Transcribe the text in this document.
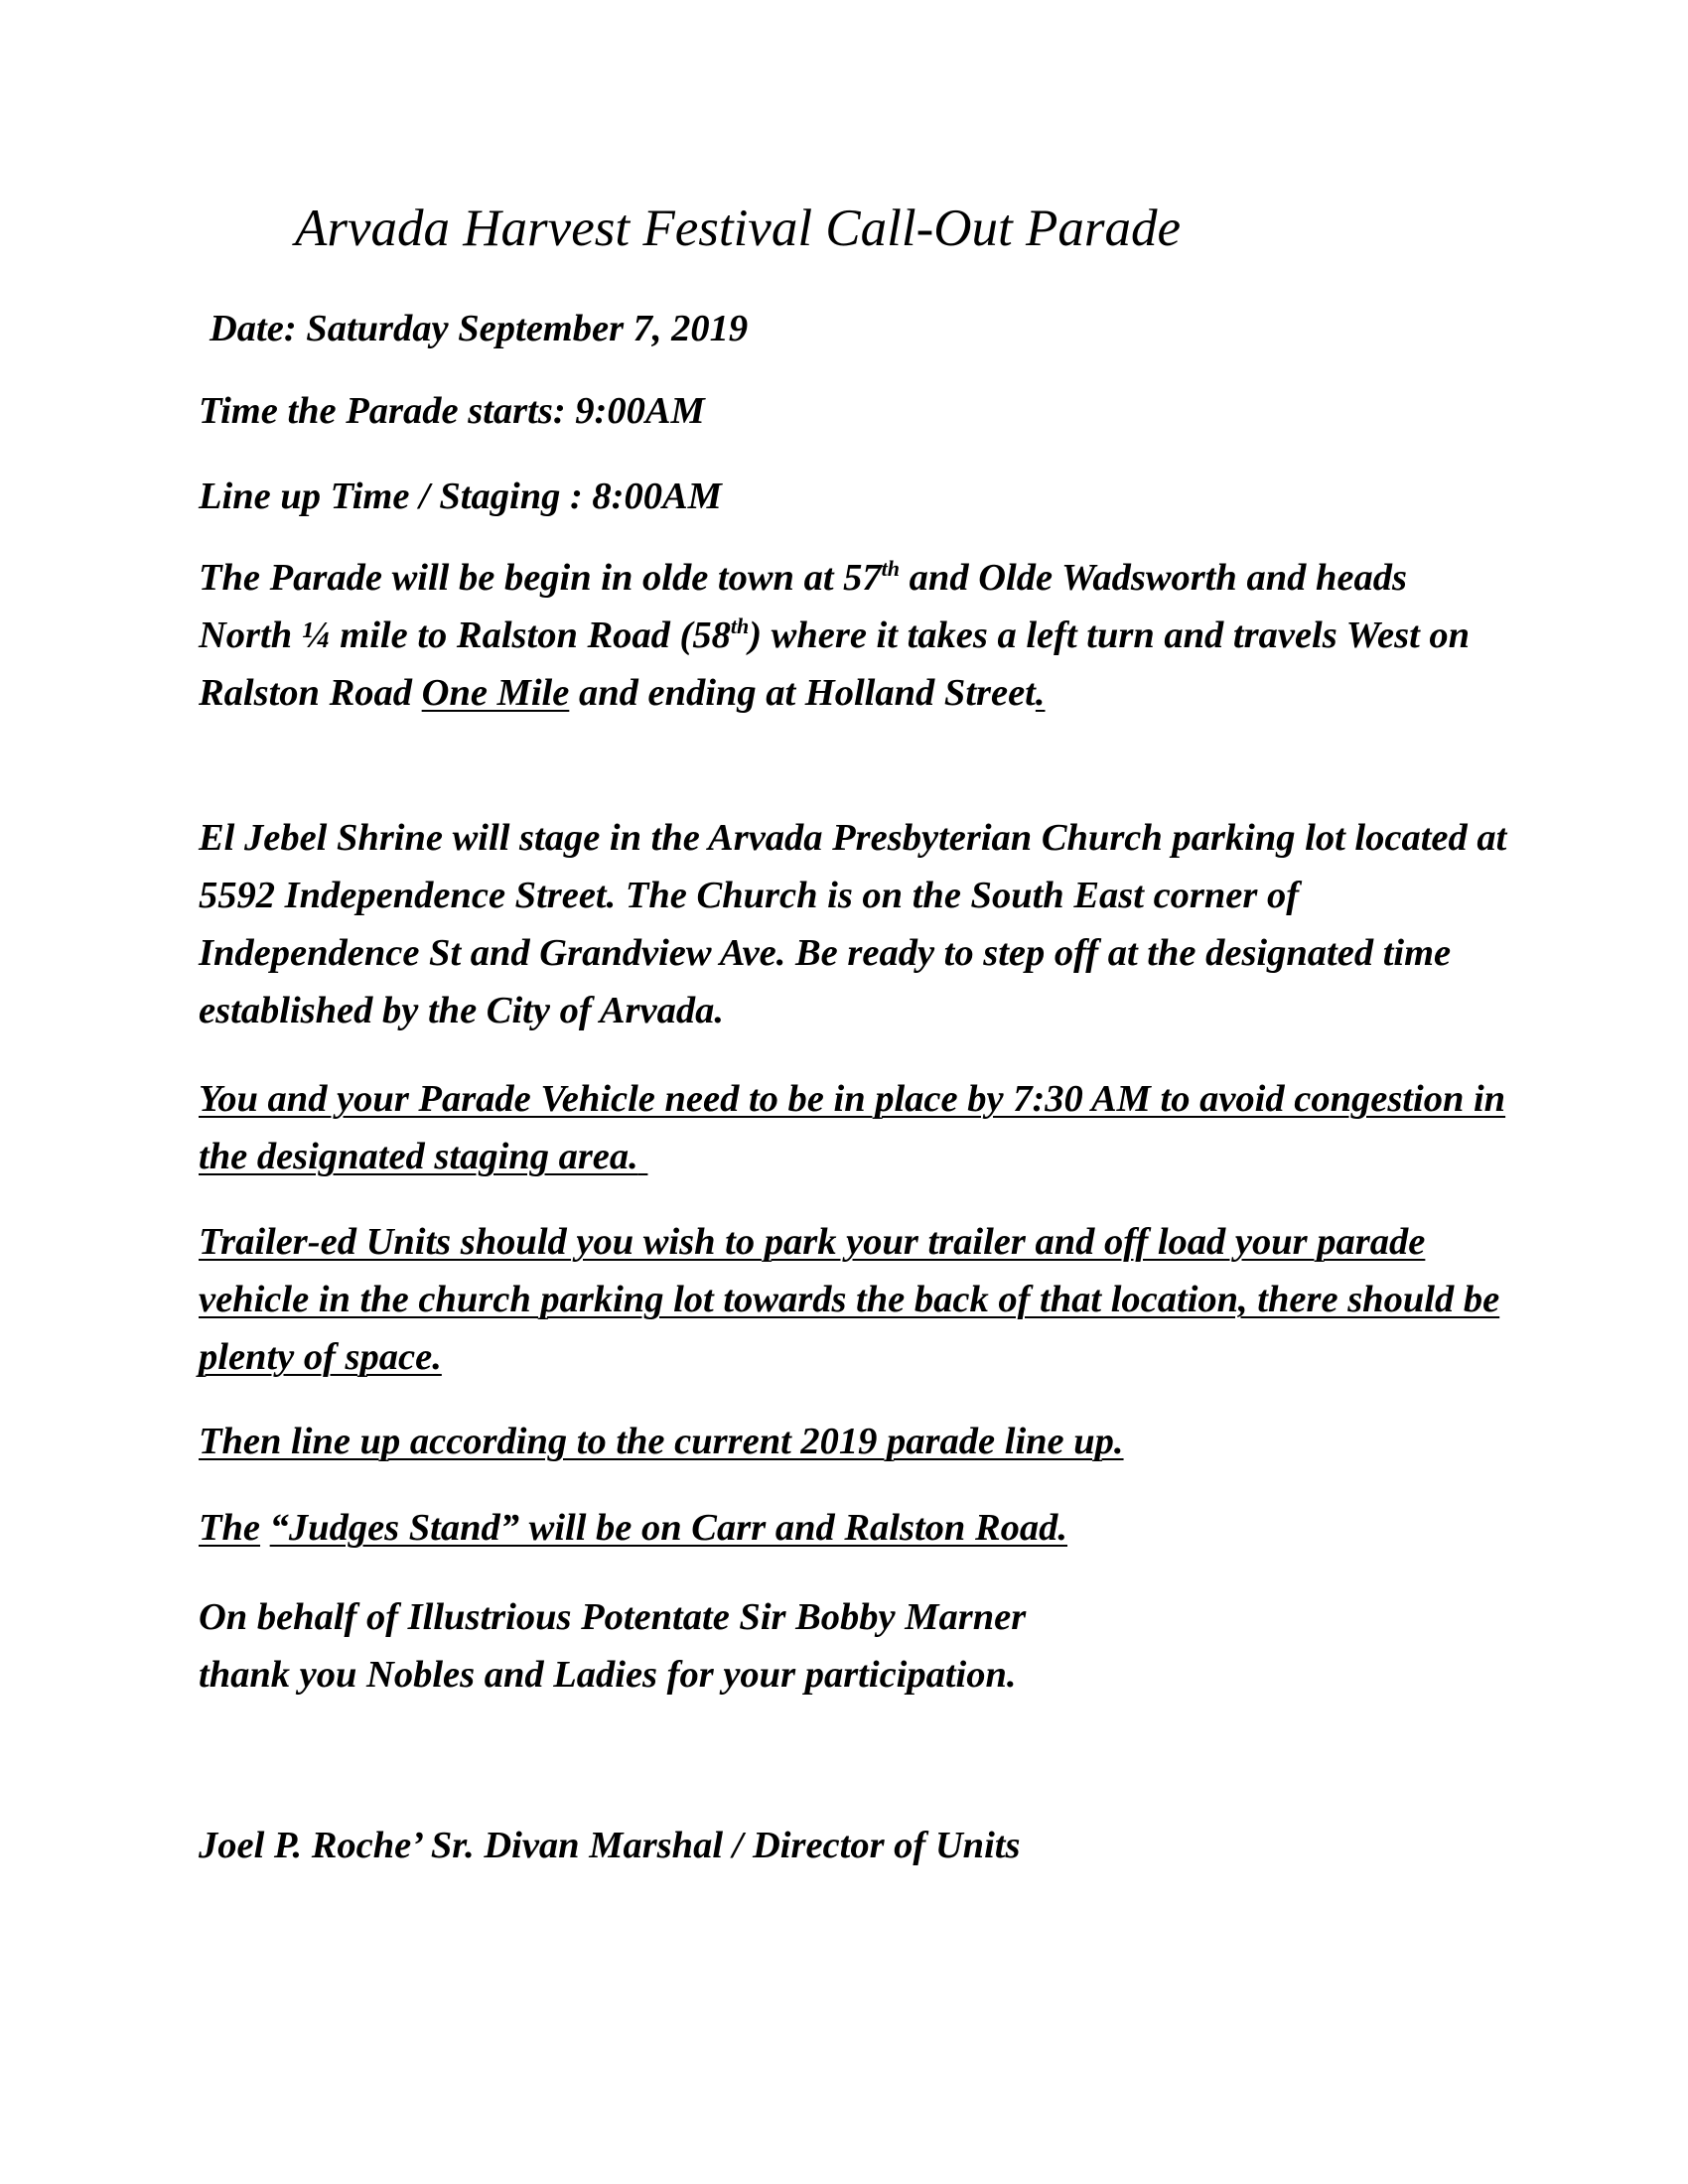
Arvada Harvest Festival Call-Out Parade

Date: Saturday September 7, 2019

Time the Parade starts: 9:00AM

Line up Time / Staging : 8:00AM

The Parade will be begin in olde town at 57th and Olde Wadsworth and heads North ¼ mile to Ralston Road (58th) where it takes a left turn and travels West on Ralston Road One Mile and ending at Holland Street.

El Jebel Shrine will stage in the Arvada Presbyterian Church parking lot located at 5592 Independence Street. The Church is on the South East corner of Independence St and Grandview Ave. Be ready to step off at the designated time established by the City of Arvada.

You and your Parade Vehicle need to be in place by 7:30 AM to avoid congestion in the designated staging area.

Trailer-ed Units should you wish to park your trailer and off load your parade vehicle in the church parking lot towards the back of that location, there should be plenty of space.

Then line up according to the current 2019 parade line up.

The “Judges Stand” will be on Carr and Ralston Road.

On behalf of Illustrious Potentate Sir Bobby Marner
thank you Nobles and Ladies for your participation.

Joel P. Roche’ Sr. Divan Marshal / Director of Units
